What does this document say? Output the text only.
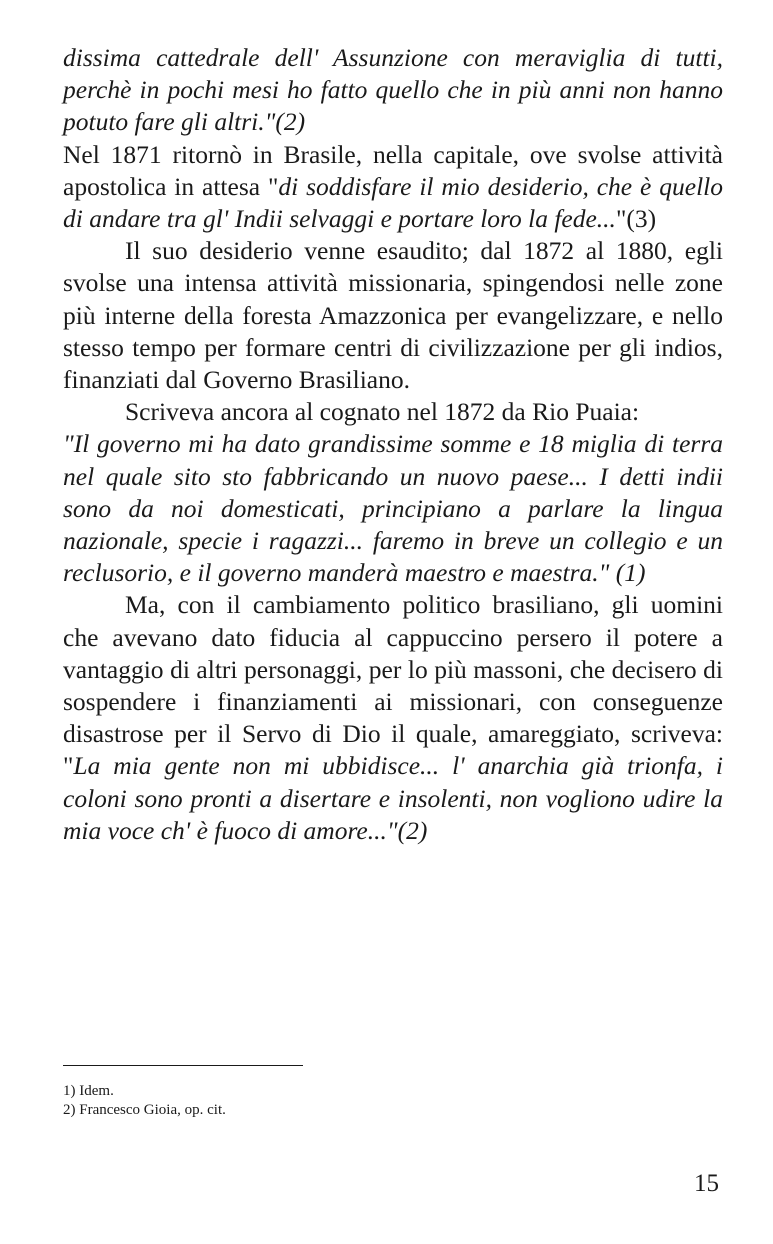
dissima cattedrale dell' Assunzione con meraviglia di tutti, perchè in pochi mesi ho fatto quello che in più anni non hanno potuto fare gli altri."(2)

Nel 1871 ritornò in Brasile, nella capitale, ove svolse attività apostolica in attesa "di soddisfare il mio desiderio, che è quello di andare tra gl' Indii selvaggi e portare loro la fede..."(3)

Il suo desiderio venne esaudito; dal 1872 al 1880, egli svolse una intensa attività missionaria, spingendosi nelle zone più interne della foresta Amazzonica per evangelizzare, e nello stesso tempo per formare centri di civilizzazione per gli indios, finanziati dal Governo Brasiliano.

Scriveva ancora al cognato nel 1872 da Rio Puaia:
"Il governo mi ha dato grandissime somme e 18 miglia di terra nel quale sito sto fabbricando un nuovo paese... I detti indii sono da noi domesticati, principiano a parlare la lingua nazionale, specie i ragazzi... faremo in breve un collegio e un reclusorio, e il governo manderà maestro e maestra." (1)

Ma, con il cambiamento politico brasiliano, gli uomini che avevano dato fiducia al cappuccino persero il potere a vantaggio di altri personaggi, per lo più massoni, che decisero di sospendere i finanziamenti ai missionari, con conseguenze disastrose per il Servo di Dio il quale, amareggiato, scriveva: "La mia gente non mi ubbidisce... l' anarchia già trionfa, i coloni sono pronti a disertare e insolenti, non vogliono udire la mia voce ch' è fuoco di amore..."(2)

1) Idem.
2) Francesco Gioia, op. cit.
15
